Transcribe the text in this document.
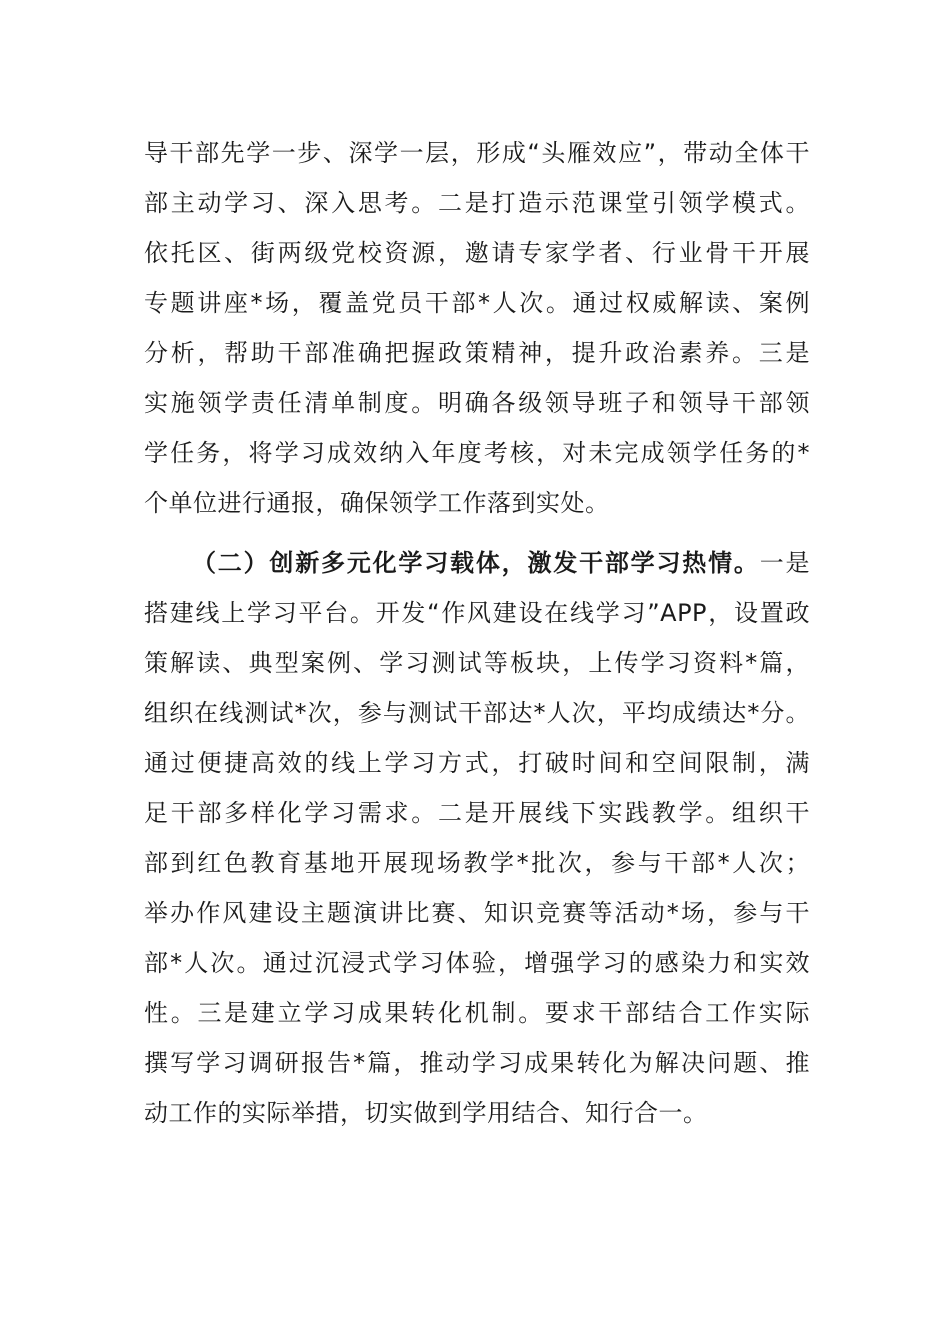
导干部先学一步、深学一层，形成“头雁效应”，带动全体干
部主动学习、深入思考。二是打造示范课堂引领学模式。
依托区、街两级党校资源，邀请专家学者、行业骨干开展
专题讲座*场，覆盖党员干部*人次。通过权威解读、案例
分析，帮助干部准确把握政策精神，提升政治素养。三是
实施领学责任清单制度。明确各级领导班子和领导干部领
学任务，将学习成效纳入年度考核，对未完成领学任务的*
个单位进行通报，确保领学工作落到实处。
（二）创新多元化学习载体，激发干部学习热情。一是
搭建线上学习平台。开发“作风建设在线学习”APP，设置政
策解读、典型案例、学习测试等板块，上传学习资料*篇，
组织在线测试*次，参与测试干部达*人次，平均成绩达*分。
通过便捷高效的线上学习方式，打破时间和空间限制，满
足干部多样化学习需求。二是开展线下实践教学。组织干
部到红色教育基地开展现场教学*批次，参与干部*人次；
举办作风建设主题演讲比赛、知识竞赛等活动*场，参与干
部*人次。通过沉浸式学习体验，增强学习的感染力和实效
性。三是建立学习成果转化机制。要求干部结合工作实际
撰写学习调研报告*篇，推动学习成果转化为解决问题、推
动工作的实际举措，切实做到学用结合、知行合一。
